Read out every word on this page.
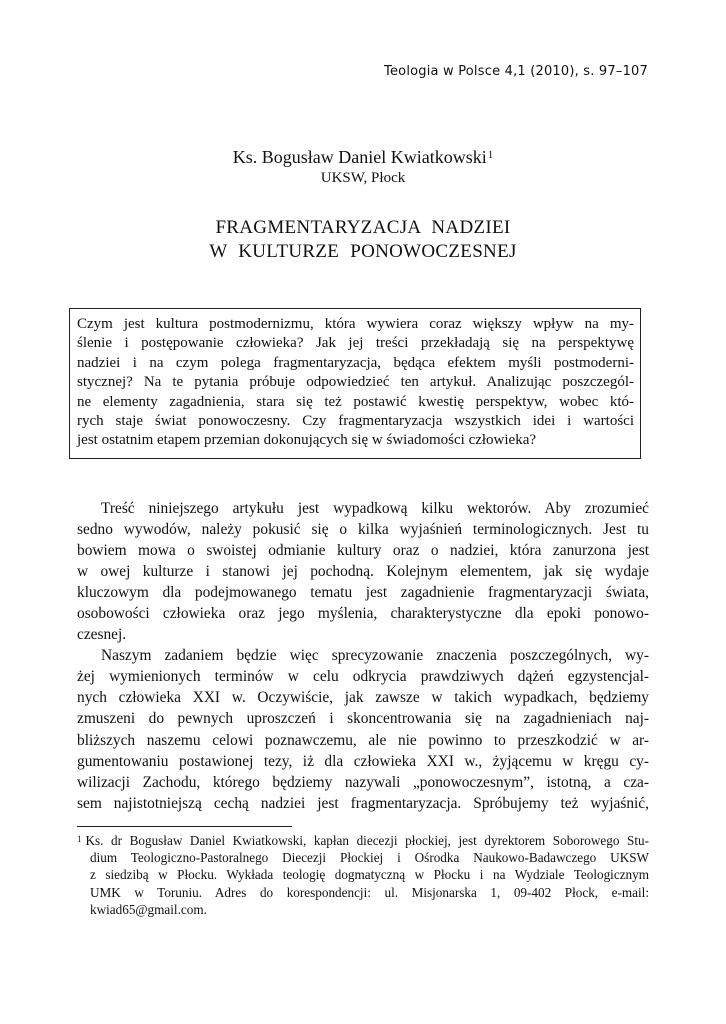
Teologia w Polsce 4,1 (2010), s. 97–107
Ks. Bogusław Daniel Kwiatkowski$^1$
UKSW, Płock
FRAGMENTARYZACJA NADZIEI
W KULTURZE PONOWOCZESNEJ
Czym jest kultura postmodernizmu, która wywiera coraz większy wpływ na my-
ślenie i postępowanie człowieka? Jak jej treści przekładają się na perspektywę
nadziei i na czym polega fragmentaryzacja, będąca efektem myśli postmoderni-
stycznej? Na te pytania próbuje odpowiedzieć ten artykuł. Analizując poszczegól-
ne elementy zagadnienia, stara się też postawić kwestię perspektyw, wobec któ-
rych staje świat ponowoczesny. Czy fragmentaryzacja wszystkich idei i wartości
jest ostatnim etapem przemian dokonujących się w świadomości człowieka?
Treść niniejszego artykułu jest wypadkową kilku wektorów. Aby zrozumieć
sedno wywodów, należy pokusić się o kilka wyjaśnień terminologicznych. Jest tu
bowiem mowa o swoistej odmianie kultury oraz o nadziei, która zanurzona jest
w owej kulturze i stanowi jej pochodną. Kolejnym elementem, jak się wydaje
kluczowym dla podejmowanego tematu jest zagadnienie fragmentaryzacji świata,
osobowości człowieka oraz jego myślenia, charakterystyczne dla epoki ponowo-
czesnej.
Naszym zadaniem będzie więc sprecyzowanie znaczenia poszczególnych, wy-
żej wymienionych terminów w celu odkrycia prawdziwych dążeń egzystencjal-
nych człowieka XXI w. Oczywiście, jak zawsze w takich wypadkach, będziemy
zmuszeni do pewnych uproszczeń i skoncentrowania się na zagadnieniach naj-
bliższych naszemu celowi poznawczemu, ale nie powinno to przeszkodzić w ar-
gumentowaniu postawionej tezy, iż dla człowieka XXI w., żyjącemu w kręgu cy-
wilizacji Zachodu, którego będziemy nazywali „ponowoczesnym”, istotną, a cza-
sem najistotniejszą cechą nadziei jest fragmentaryzacja. Spróbujemy też wyjaśnić,
$^1$ Ks. dr Bogusław Daniel Kwiatkowski, kapłan diecezji płockiej, jest dyrektorem Soborowego Stu-
dium Teologiczno-Pastoralnego Diecezji Płockiej i Ośrodka Naukowo-Badawczego UKSW
z siedzibą w Płocku. Wykłada teologię dogmatyczną w Płocku i na Wydziale Teologicznym
UMK w Toruniu. Adres do korespondencji: ul. Misjonarska 1, 09-402 Płock, e-mail:
kwiad65@gmail.com.
